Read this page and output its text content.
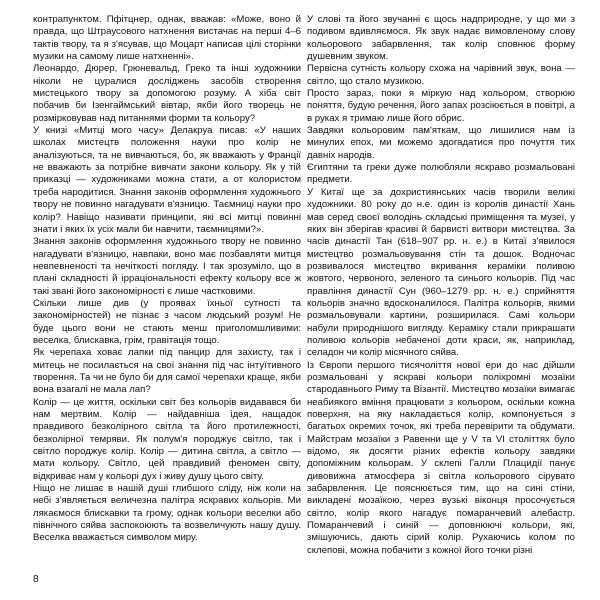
контрапунктом. Пфітцнер, однак, вважав: «Може, воно й правда, що Штраусового натхнення вистачає на перші 4–6 тактів твору, та я з'ясував, що Моцарт написав цілі сторінки музики на самому лише натхненні».

Леонардо, Дюрер, Грюневальд, Греко та інші художники ніколи не цуралися досліджень засобів створення мистецького твору за допомогою розуму. А хіба світ побачив би Ізенгаймський вівтар, якби його творець не розмірковував над питаннями форми та кольору?

У книзі «Митці мого часу» Делакруа писав: «У наших школах мистецтв положення науки про колір не аналізуються, та не вивчаються, бо, як вважають у Франції не вважають за потрібне вивчати закони кольору. Як у тій приказці — художниками можна стати, а от колористом треба народитися. Знання законів оформлення художнього твору не повинно нагадувати в'язницю. Таємниці науки про колір? Навіщо називати принципи, які всі митці повинні знати і яких їх усіх мали би навчити, таємницями?».

Знання законів оформлення художнього твору не повинно нагадувати в'язницю, навпаки, воно має позбавляти митця невпевненості та нечіткості погляду. І так зрозуміло, що в плані складності й ірраціональності ефекту кольору все ж такі звані його закономірності є лише частковими.

Скільки лише див (у проявах їхньої сутності та закономірностей) не пізнає з часом людський розум! Не буде цього вони не стають менш приголомшливими: веселка, блискавка, грім, гравітація тощо.

Як черепаха ховає лапки під панцир для захисту, так і митець не посилається на свої знання під час інтуїтивного творення. Та чи не було би для самої черепахи краще, якби вона взагалі не мала лап?

Колір — це життя, оскільки світ без кольорів видавався би нам мертвим. Колір — найдавніша ідея, нащадок правдивого безколірного світла та його протилежності, безколірної темряви. Як полум'я породжує світло, так і світло породжує колір. Колір — дитина світла, а світло — мати кольору. Світло, цей правдивий феномен світу, відкриває нам у кольорі дух і живу душу цього світу.

Ніщо не лишає в нашій душі глибшого сліду, ніж коли на небі з'являється величезна палітра яскравих кольорів. Ми лякаємося блискавки та грому, однак кольори веселки або північного сяйва заспокоюють та возвеличують нашу душу. Веселка вважається символом миру.

У слові та його звучанні є щось надприродне, у що ми з подивом вдивляємося. Як звук надає вимовленому слову кольорового забарвлення, так колір сповнює форму душевним звуком.

Первісна сутність кольору схожа на чарівний звук, вона — світло, що стало музикою.

Просто зараз, поки я міркую над кольором, створюю поняття, будую речення, його запах розсіюється в повітрі, а в руках я тримаю лише його обрис.

Завдяки кольоровим пам'яткам, що лишилися нам із минулих епох, ми можемо здогадатися про почуття тих давніх народів.

Єгиптяни та греки дуже полюбляли яскраво розмальовані предмети.

У Китаї ще за дохристиянських часів творили великі художники. 80 року до н.е. один із королів династії Хань мав серед своєї володінь складські приміщення та музеї, у яких він зберігав красиві й барвисті витвори мистецтва. За часів династії Тан (618–907 рр. н. е.) в Китаї з'явилося мистецтво розмальовування стін та дошок. Водночас розвивалося мистецтво вкривання кераміки поливою жовтого, червоного, зеленого та синього кольорів. Під час правління династії Сун (960–1279 рр. н. е.) сприйняття кольорів значно вдосконалилося. Палітра кольорів, якими розмальовували картини, розширилася. Самі кольори набули природнішого вигляду. Кераміку стали прикрашати поливою кольорів небаченої доти краси, як, наприклад, селадон чи колір місячного сяйва.

Із Європи першого тисячоліття нової ери до нас дійшли розмальовані у яскраві кольори поліхромні мозаїки стародавнього Риму та Візантії. Мистецтво мозаїки вимагає неабиякого вміння працювати з кольором, оскільки кожна поверхня, на яку накладається колір, компонується з багатьох окремих точок, які треба перевірити та обдумати. Майстрам мозаїки з Равенни ще у V та VI століттях було відомо, як досягти різних ефектів кольору завдяки допоміжним кольорам. У склепі Галли Плацидії панує дивовижна атмосфера зі світла кольорового сірувато забарвлення. Це пояснюється тим, що на сині стіни, викладені мозаїкою, через вузькі віконця просочується світло, колір якого нагадує помаранчевий алебастр. Помаранчевий і синій — доповнюючі кольори, які, змішуючись, дають сірий колір. Рухаючись колом по склепові, можна побачити з кожної його точки різні

8
